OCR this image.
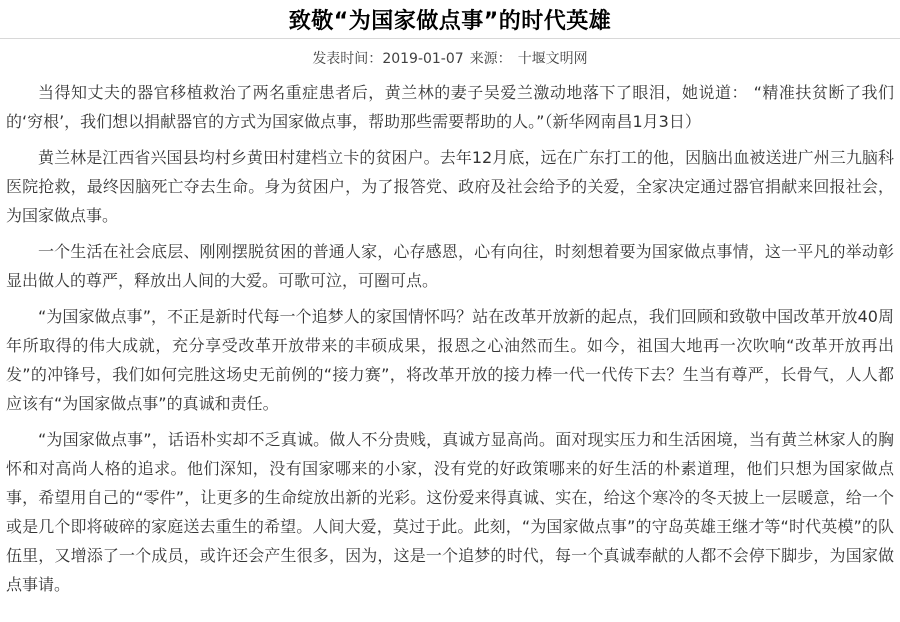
致敬“为国家做点事”的时代英雄
发表时间：2019-01-07 来源： 十堰文明网

当得知丈夫的器官移植救治了两名重症患者后，黄兰林的妻子吴爱兰激动地落下了眼泪，她说道： “精准扶贫断了我们的‘穷根’，我们想以捐献器官的方式为国家做点事，帮助那些需要帮助的人。”（新华网南昌1月3日）

黄兰林是江西省兴国县均村乡黄田村建档立卡的贫困户。去年12月底，远在广东打工的他，因脑出血被送进广州三九脑科医院抢救，最终因脑死亡夺去生命。身为贫困户，为了报答党、政府及社会给予的关爱，全家决定通过器官捐献来回报社会，为国家做点事。

一个生活在社会底层、刚刚摆脱贫困的普通人家，心存感恩，心有向往，时刻想着要为国家做点事情，这一平凡的举动彰显出做人的尊严，释放出人间的大爱。可歌可泣，可圈可点。

“为国家做点事”，不正是新时代每一个追梦人的家国情怀吗？站在改革开放新的起点，我们回顾和致敬中国改革开放40周年所取得的伟大成就，充分享受改革开放带来的丰硕成果，报恩之心油然而生。如今，祖国大地再一次吹响“改革开放再出发”的冲锋号，我们如何完胜这场史无前例的“接力赛”，将改革开放的接力棒一代一代传下去？生当有尊严，长骨气，人人都应该有“为国家做点事”的真诚和责任。

“为国家做点事”，话语朴实却不乏真诚。做人不分贵贱，真诚方显高尚。面对现实压力和生活困境，当有黄兰林家人的胸怀和对高尚人格的追求。他们深知，没有国家哪来的小家，没有党的好政策哪来的好生活的朴素道理，他们只想为国家做点事，希望用自己的“零件”，让更多的生命绽放出新的光彩。这份爱来得真诚、实在，给这个寒冷的冬天披上一层暖意，给一个或是几个即将破碎的家庭送去重生的希望。人间大爱，莫过于此。此刻，“为国家做点事”的守岛英雄王继才等“时代英模”的队伍里，又增添了一个成员，或许还会产生很多，因为，这是一个追梦的时代，每一个真诚奉献的人都不会停下脚步，为国家做点事请。
